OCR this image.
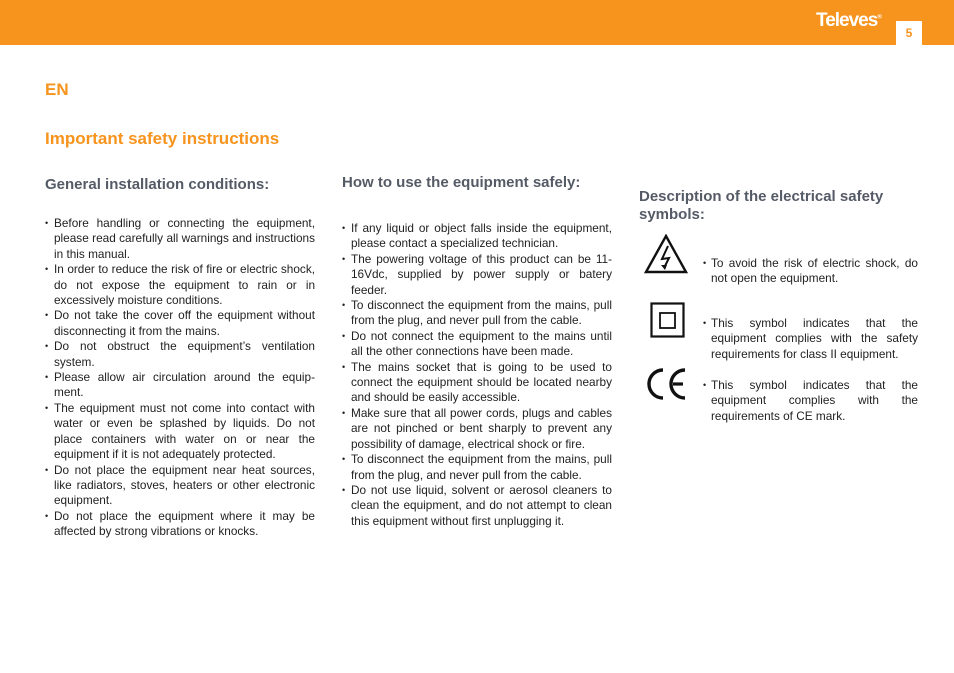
Televes®
5
EN
Important safety instructions
General installation conditions:
• Before handling or connecting the equipment, please read carefully all warnings and instructions in this manual.
• In order to reduce the risk of fire or electric shock, do not expose the equipment to rain or in excessively moisture conditions.
• Do not take the cover off the equipment without disconnecting it from the mains.
• Do not obstruct the equipment’s ventilation system.
• Please allow air circulation around the equip-ment.
• The equipment must not come into contact with water or even be splashed by liquids. Do not place containers with water on or near the equipment if it is not adequately protected.
• Do not place the equipment near heat sources, like radiators, stoves, heaters or other electronic equipment.
• Do not place the equipment where it may be affected by strong vibrations or knocks.
How to use the equipment safely:
• If any liquid or object falls inside the equipment, please contact a specialized technician.
• The powering voltage of this product can be 11-16Vdc, supplied by power supply or batery feeder.
• To disconnect the equipment from the mains, pull from the plug, and never pull from the cable.
• Do not connect the equipment to the mains until all the other connections have been made.
• The mains socket that is going to be used to connect the equipment should be located nearby and should be easily accessible.
• Make sure that all power cords, plugs and cables are not pinched or bent sharply to prevent any possibility of damage, electrical shock or fire.
• To disconnect the equipment from the mains, pull from the plug, and never pull from the cable.
• Do not use liquid, solvent or aerosol cleaners to clean the equipment, and do not attempt to clean this equipment without first unplugging it.
Description of the electrical safety symbols:
• To avoid the risk of electric shock, do not open the equipment.
• This symbol indicates that the equipment complies with the safety requirements for class II equipment.
• This symbol indicates that the equipment complies with the requirements of CE mark.
